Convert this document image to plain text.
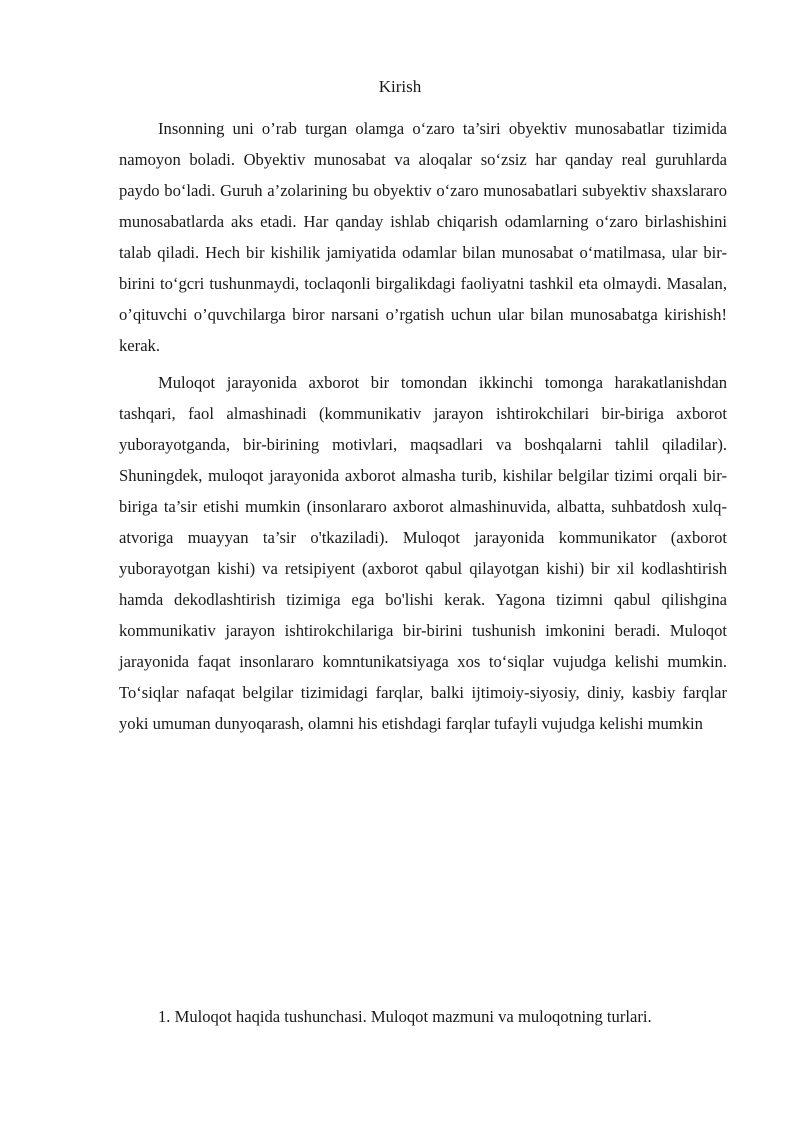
Kirish

Insonning uni o’rab turgan olamga o‘zaro ta’siri obyektiv munosabatlar tizimida namoyon boladi. Obyektiv munosabat va aloqalar so‘zsiz har qanday real guruhlarda paydo bo‘ladi. Guruh a’zolarining bu obyektiv o‘zaro munosabatlari subyektiv shaxslararo munosabatlarda aks etadi. Har qanday ishlab chiqarish odamlarning o‘zaro birlashishini talab qiladi. Hech bir kishilik jamiyatida odamlar bilan munosabat o‘matilmasa, ular bir-birini to‘gcri tushunmaydi, toclaqonli birgalikdagi faoliyatni tashkil eta olmaydi. Masalan, o’qituvchi o’quvchilarga biror narsani o’rgatish uchun ular bilan munosabatga kirishish! kerak.

Muloqot jarayonida axborot bir tomondan ikkinchi tomonga harakatlanishdan tashqari, faol almashinadi (kommunikativ jarayon ishtirokchilari bir-biriga axborot yuborayotganda, bir-birining motivlari, maqsadlari va boshqalarni tahlil qiladilar). Shuningdek, muloqot jarayonida axborot almasha turib, kishilar belgilar tizimi orqali bir-biriga ta’sir etishi mumkin (insonlararo axborot almashinuvida, albatta, suhbatdosh xulq-atvoriga muayyan ta’sir o'tkaziladi). Muloqot jarayonida kommunikator (axborot yuborayotgan kishi) va retsipiyent (axborot qabul qilayotgan kishi) bir xil kodlashtirish hamda dekodlashtirish tizimiga ega bo'lishi kerak. Yagona tizimni qabul qilishgina kommunikativ jarayon ishtirokchilariga bir-birini tushunish imkonini beradi. Muloqot jarayonida faqat insonlararo komntunikatsiyaga xos to‘siqlar vujudga kelishi mumkin. To‘siqlar nafaqat belgilar tizimidagi farqlar, balki ijtimoiy-siyosiy, diniy, kasbiy farqlar yoki umuman dunyoqarash, olamni his etishdagi farqlar tufayli vujudga kelishi mumkin

1. Muloqot haqida tushunchasi. Muloqot mazmuni va muloqotning turlari.
